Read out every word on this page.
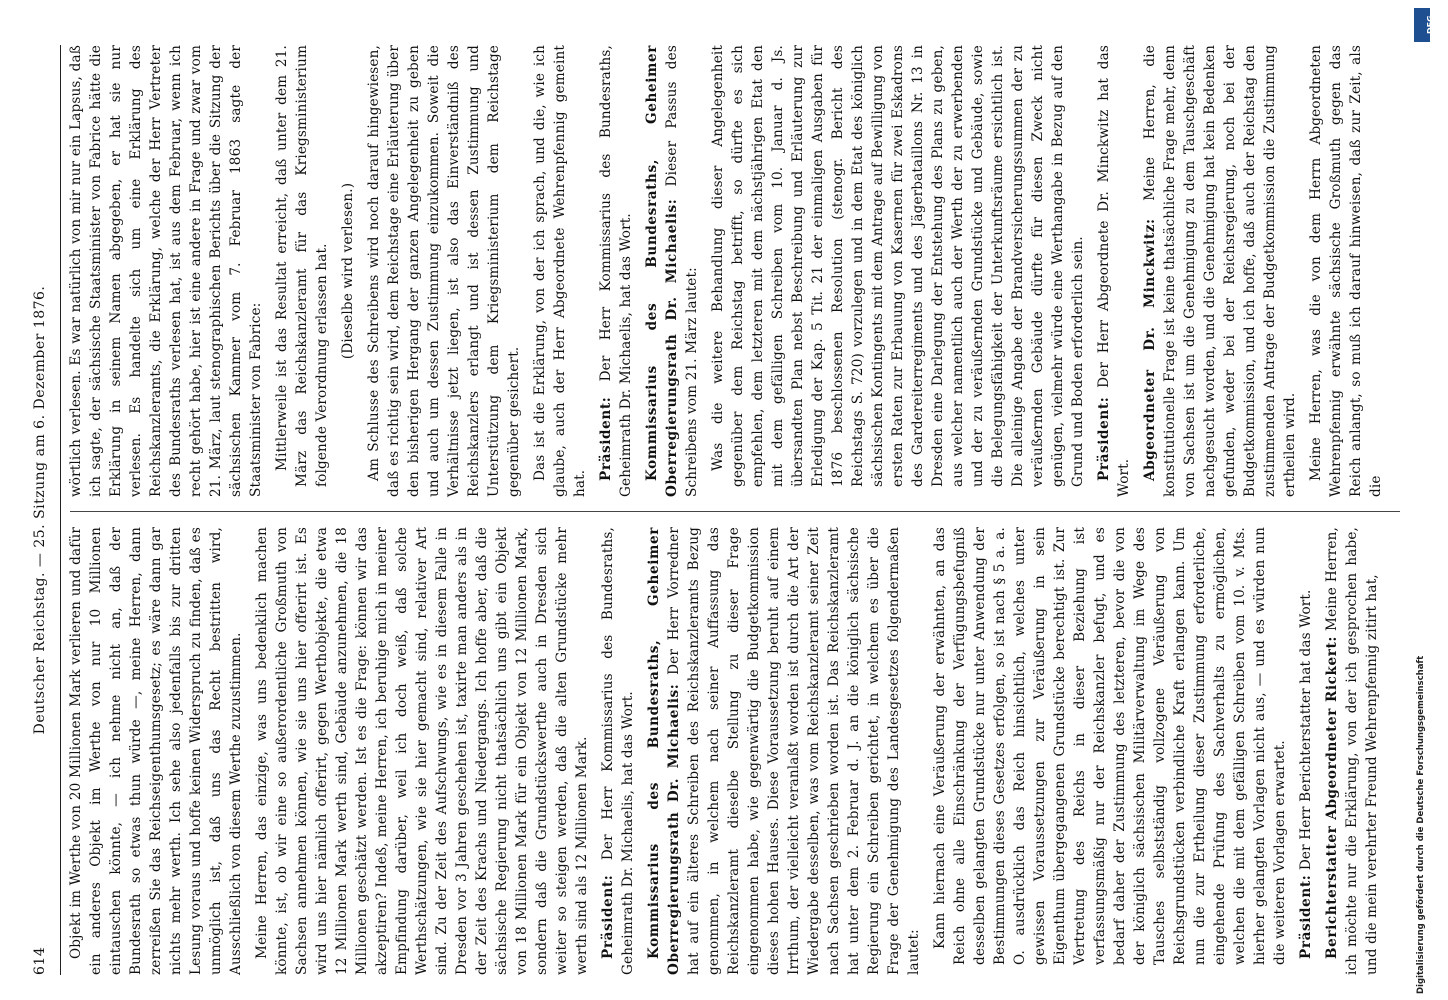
614
Deutscher Reichstag. — 25. Sitzung am 6. Dezember 1876.

Objekt im Werthe von 20 Millionen Mark verlieren und dafür ein anderes Objekt im Werthe von nur 10 Millionen eintauschen könnte, — ich nehme nicht an, daß der Bundesrath so etwas thun würde —, meine Herren, dann zerreißen Sie das Reichseigenthumsgesetz; es wäre dann gar nichts mehr werth. Ich sehe also jedenfalls bis zur dritten Lesung voraus und hoffe keinen Widerspruch zu finden, daß es unmöglich ist, daß uns das Recht bestritten wird, Ausschließlich von diesem Werthe zuzustimmen. Meine Herren, das einzige, was uns bedenklich machen könnte, ist, ob wir eine so außerordentliche Großmuth von Sachsen annehmen können, wie sie uns hier offerirt ist. Es wird uns hier nämlich offerirt, gegen Werthobjekte, die etwa 12 Millionen Mark werth sind, Gebäude anzunehmen, die 18 Millionen geschätzt werden. Ist es die Frage: können wir das akzeptiren? Indeß, meine Herren, ich beruhige mich in meiner Empfindung darüber, weil ich doch weiß, daß solche Werthschätzungen, wie sie hier gemacht sind, relativer Art sind. Zu der Zeit des Aufschwungs, wie es in diesem Falle in Dresden vor 3 Jahren geschehen ist, taxirte man anders als in der Zeit des Krachs und Niedergangs. Ich hoffe aber, daß die sächsische Regierung nicht thatsächlich uns gibt ein Objekt von 18 Millionen Mark für ein Objekt von 12 Millionen Mark, sondern daß die Grundstückswerthe auch in Dresden sich weiter so steigen werden, daß die alten Grundstücke mehr werth sind als 12 Millionen Mark. Präsident: Der Herr Kommissarius des Bundesraths, Geheimrath Dr. Michaelis, hat das Wort. Kommissarius des Bundesraths, Geheimer Oberregierungsrath Dr. Michaelis: Der Herr Vorredner hat auf ein älteres Schreiben des Reichskanzleramts Bezug genommen, in welchem nach seiner Auffassung das Reichskanzleramt dieselbe Stellung zu dieser Frage eingenommen habe, wie gegenwärtig die Budgetkommission dieses hohen Hauses. Diese Voraussetzung beruht auf einem Irrthum, der vielleicht veranlaßt worden ist durch die Art der Wiedergabe desselben, was vom Reichskanzleramt seiner Zeit nach Sachsen geschrieben worden ist. Das Reichskanzleramt hat unter dem 2. Februar d. J. an die königlich sächsische Regierung ein Schreiben gerichtet, in welchem es über die Frage der Genehmigung des Landesgesetzes folgendermaßen lautet:

Kann hiernach eine Veräußerung der erwähnten, an das Reich ohne alle Einschränkung der Verfügungsbefugniß desselben gelangten Grundstücke nur unter Anwendung der Bestimmungen dieses Gesetzes erfolgen, so ist nach § 5 a. a. O. ausdrücklich das Reich hinsichtlich, welches unter gewissen Voraussetzungen zur Veräußerung in sein Eigenthum übergegangenen Grundstücke berechtigt ist. Zur Vertretung des Reichs in dieser Beziehung ist verfassungsmäßig nur der Reichskanzler befugt, und es bedarf daher der Zustimmung des letzteren, bevor die von der königlich sächsischen Militärverwaltung im Wege des Tausches selbstständig vollzogene Veräußerung von Reichsgrundstücken verbindliche Kraft erlangen kann. Um nun die zur Ertheilung dieser Zustimmung erforderliche, eingehende Prüfung des Sachverhalts zu ermöglichen, welchen die mit dem gefälligen Schreiben vom 10. v. Mts. hierher gelangten Vorlagen nicht aus, — und es würden nun die weiteren Vorlagen erwartet. Präsident: Der Herr Berichterstatter hat das Wort. Berichterstatter Abgeordneter Rickert: Meine Herren, ich möchte nur die Erklärung, von der ich gesprochen habe, und die mein verehrter Freund Wehrenpfennig zitirt hat,

wörtlich verlesen. Es war natürlich von mir nur ein Lapsus, daß ich sagte, der sächsische Staatsminister von Fabrice hätte die Erklärung in seinem Namen abgegeben, er hat sie nur verlesen. Es handelte sich um eine Erklärung des Reichskanzleramts, die Erklärung, welche der Herr Vertreter des Bundesraths verlesen hat, ist aus dem Februar, wenn ich recht gehört habe, hier ist eine andere in Frage und zwar vom 21. März, laut stenographischen Berichts über die Sitzung der sächsischen Kammer vom 7. Februar 1863 sagte der Staatsminister von Fabrice: Mittlerweile ist das Resultat erreicht, daß unter dem 21. März das Reichskanzleramt für das Kriegsministerium folgende Verordnung erlassen hat. (Dieselbe wird verlesen.) Am Schlusse des Schreibens wird noch darauf hingewiesen, daß es richtig sein wird, dem Reichstage eine Erläuterung über den bisherigen Hergang der ganzen Angelegenheit zu geben und auch um dessen Zustimmung einzukommen. Soweit die Verhältnisse jetzt liegen, ist also das Einverständniß des Reichskanzlers erlangt und ist dessen Zustimmung und Unterstützung dem Kriegsministerium dem Reichstage gegenüber gesichert. Das ist die Erklärung, von der ich sprach, und die, wie ich glaube, auch der Herr Abgeordnete Wehrenpfennig gemeint hat.

Präsident: Der Herr Kommissarius des Bundesraths, Geheimrath Dr. Michaelis, hat das Wort. Kommissarius des Bundesraths, Geheimer Oberregierungsrath Dr. Michaelis: Dieser Passus des Schreibens vom 21. März lautet: Was die weitere Behandlung dieser Angelegenheit gegenüber dem Reichstag betrifft, so dürfte es sich empfehlen, dem letzteren mit dem nächstjährigen Etat den mit dem gefälligen Schreiben vom 10. Januar d. Js. übersandten Plan nebst Beschreibung und Erläuterung zur Erledigung der Kap. 5 Tit. 21 der einmaligen Ausgaben für 1876 beschlossenen Resolution (stenogr. Bericht des Reichstags S. 720) vorzulegen und in dem Etat des königlich sächsischen Kontingents mit dem Antrage auf Bewilligung von ersten Raten zur Erbauung von Kasernen für zwei Eskadrons des Gardereiterregiments und des Jägerbataillons Nr. 13 in Dresden eine Darlegung der Entstehung des Plans zu geben, aus welcher namentlich auch der Werth der zu erwerbenden und der zu veräußernden Grundstücke und Gebäude, sowie die Belegungsfähigkeit der Unterkunftsräume ersichtlich ist. Die alleinige Angabe der Brandversicherungssummen der zu veräußernden Gebäude dürfte für diesen Zweck nicht genügen, vielmehr würde eine Werthangabe in Bezug auf den Grund und Boden erforderlich sein. Präsident: Der Herr Abgeordnete Dr. Minckwitz hat das Wort. Abgeordneter Dr. Minckwitz: Meine Herren, die konstitutionelle Frage ist keine thatsächliche Frage mehr, denn von Sachsen ist um die Genehmigung zu dem Tauschgeschäft nachgesucht worden, und die Genehmigung hat kein Bedenken gefunden, weder bei der Reichsregierung, noch bei der Budgetkommission, und ich hoffe, daß auch der Reichstag den zustimmenden Antrage der Budgetkommission die Zustimmung ertheilen wird. Meine Herren, was die von dem Herrn Abgeordneten Wehrenpfennig erwähnte sächsische Großmuth gegen das Reich anlangt, so muß ich darauf hinweisen, daß zur Zeit, als die

Digitalisierung gefördert durch die Deutsche Forschungsgemeinschaft
DFG
